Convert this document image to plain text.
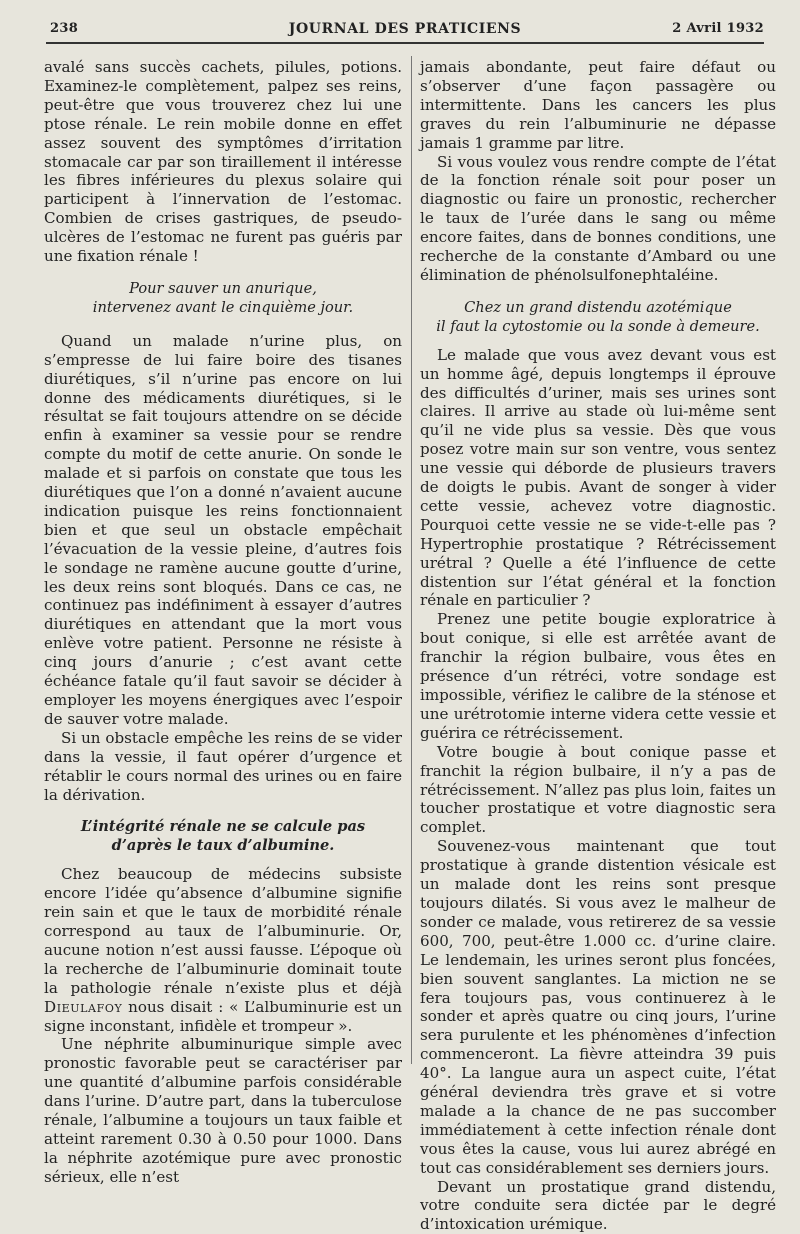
238	JOURNAL DES PRATICIENS	2 Avril 1932

avalé sans succès cachets, pilules, potions. Examinez-le complètement, palpez ses reins, peut-être que vous trouverez chez lui une ptose rénale. Le rein mobile donne en effet assez souvent des symptômes d’irritation stomacale car par son tiraillement il intéresse les fibres inférieures du plexus solaire qui participent à l’innervation de l’estomac. Combien de crises gastriques, de pseudo-ulcères de l’estomac ne furent pas guéris par une fixation rénale !

Pour sauver un anurique,
intervenez avant le cinquième jour.

Quand un malade n’urine plus, on s’empresse de lui faire boire des tisanes diurétiques, s’il n’urine pas encore on lui donne des médicaments diurétiques, si le résultat se fait toujours attendre on se décide enfin à examiner sa vessie pour se rendre compte du motif de cette anurie. On sonde le malade et si parfois on constate que tous les diurétiques que l’on a donné n’avaient aucune indication puisque les reins fonctionnaient bien et que seul un obstacle empêchait l’évacuation de la vessie pleine, d’autres fois le sondage ne ramène aucune goutte d’urine, les deux reins sont bloqués. Dans ce cas, ne continuez pas indéfiniment à essayer d’autres diurétiques en attendant que la mort vous enlève votre patient. Personne ne résiste à cinq jours d’anurie ; c’est avant cette échéance fatale qu’il faut savoir se décider à employer les moyens énergiques avec l’espoir de sauver votre malade.

Si un obstacle empêche les reins de se vider dans la vessie, il faut opérer d’urgence et rétablir le cours normal des urines ou en faire la dérivation.

L’intégrité rénale ne se calcule pas
d’après le taux d’albumine.

Chez beaucoup de médecins subsiste encore l’idée qu’absence d’albumine signifie rein sain et que le taux de morbidité rénale correspond au taux de l’albuminurie. Or, aucune notion n’est aussi fausse. L’époque où la recherche de l’albuminurie dominait toute la pathologie rénale n’existe plus et déjà Dieulafoy nous disait : « L’albuminurie est un signe inconstant, infidèle et trompeur ».

Une néphrite albuminurique simple avec pronostic favorable peut se caractériser par une quantité d’albumine parfois considérable dans l’urine. D’autre part, dans la tuberculose rénale, l’albumine a toujours un taux faible et atteint rarement 0.30 à 0.50 pour 1000. Dans la néphrite azotémique pure avec pronostic sérieux, elle n’est

jamais abondante, peut faire défaut ou s’observer d’une façon passagère ou intermittente. Dans les cancers les plus graves du rein l’albuminurie ne dépasse jamais 1 gramme par litre.

Si vous voulez vous rendre compte de l’état de la fonction rénale soit pour poser un diagnostic ou faire un pronostic, rechercher le taux de l’urée dans le sang ou même encore faites, dans de bonnes conditions, une recherche de la constante d’Ambard ou une élimination de phénolsulfonephtaléine.

Chez un grand distendu azotémique
il faut la cytostomie ou la sonde à demeure.

Le malade que vous avez devant vous est un homme âgé, depuis longtemps il éprouve des difficultés d’uriner, mais ses urines sont claires. Il arrive au stade où lui-même sent qu’il ne vide plus sa vessie. Dès que vous posez votre main sur son ventre, vous sentez une vessie qui déborde de plusieurs travers de doigts le pubis. Avant de songer à vider cette vessie, achevez votre diagnostic. Pourquoi cette vessie ne se vide-t-elle pas ? Hypertrophie prostatique ? Rétrécissement urétral ? Quelle a été l’influence de cette distention sur l’état général et la fonction rénale en particulier ?

Prenez une petite bougie exploratrice à bout conique, si elle est arrêtée avant de franchir la région bulbaire, vous êtes en présence d’un rétréci, votre sondage est impossible, vérifiez le calibre de la sténose et une urétrotomie interne videra cette vessie et guérira ce rétrécissement.

Votre bougie à bout conique passe et franchit la région bulbaire, il n’y a pas de rétrécissement. N’allez pas plus loin, faites un toucher prostatique et votre diagnostic sera complet.

Souvenez-vous maintenant que tout prostatique à grande distention vésicale est un malade dont les reins sont presque toujours dilatés. Si vous avez le malheur de sonder ce malade, vous retirerez de sa vessie 600, 700, peut-être 1.000 cc. d’urine claire. Le lendemain, les urines seront plus foncées, bien souvent sanglantes. La miction ne se fera toujours pas, vous continuerez à le sonder et après quatre ou cinq jours, l’urine sera purulente et les phénomènes d’infection commenceront. La fièvre atteindra 39 puis 40°. La langue aura un aspect cuite, l’état général deviendra très grave et si votre malade a la chance de ne pas succomber immédiatement à cette infection rénale dont vous êtes la cause, vous lui aurez abrégé en tout cas considérablement ses derniers jours.

Devant un prostatique grand distendu, votre conduite sera dictée par le degré d’intoxication urémique.
